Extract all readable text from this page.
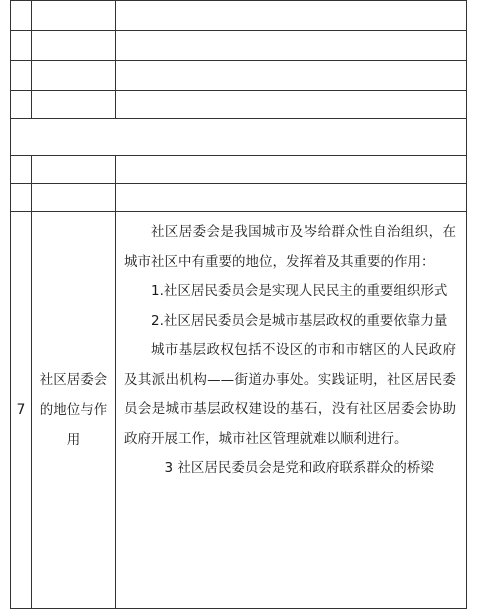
7	社区居委会的地位与作用	社区居委会是我国城市及岑给群众性自治组织，在城市社区中有重要的地位，发挥着及其重要的作用：

1.社区居民委员会是实现人民民主的重要组织形式

2.社区居民委员会是城市基层政权的重要依靠力量

城市基层政权包括不设区的市和市辖区的人民政府及其派出机构——街道办事处。实践证明，社区居民委员会是城市基层政权建设的基石，没有社区居委会协助政府开展工作，城市社区管理就难以顺利进行。

3 社区居民委员会是党和政府联系群众的桥梁
